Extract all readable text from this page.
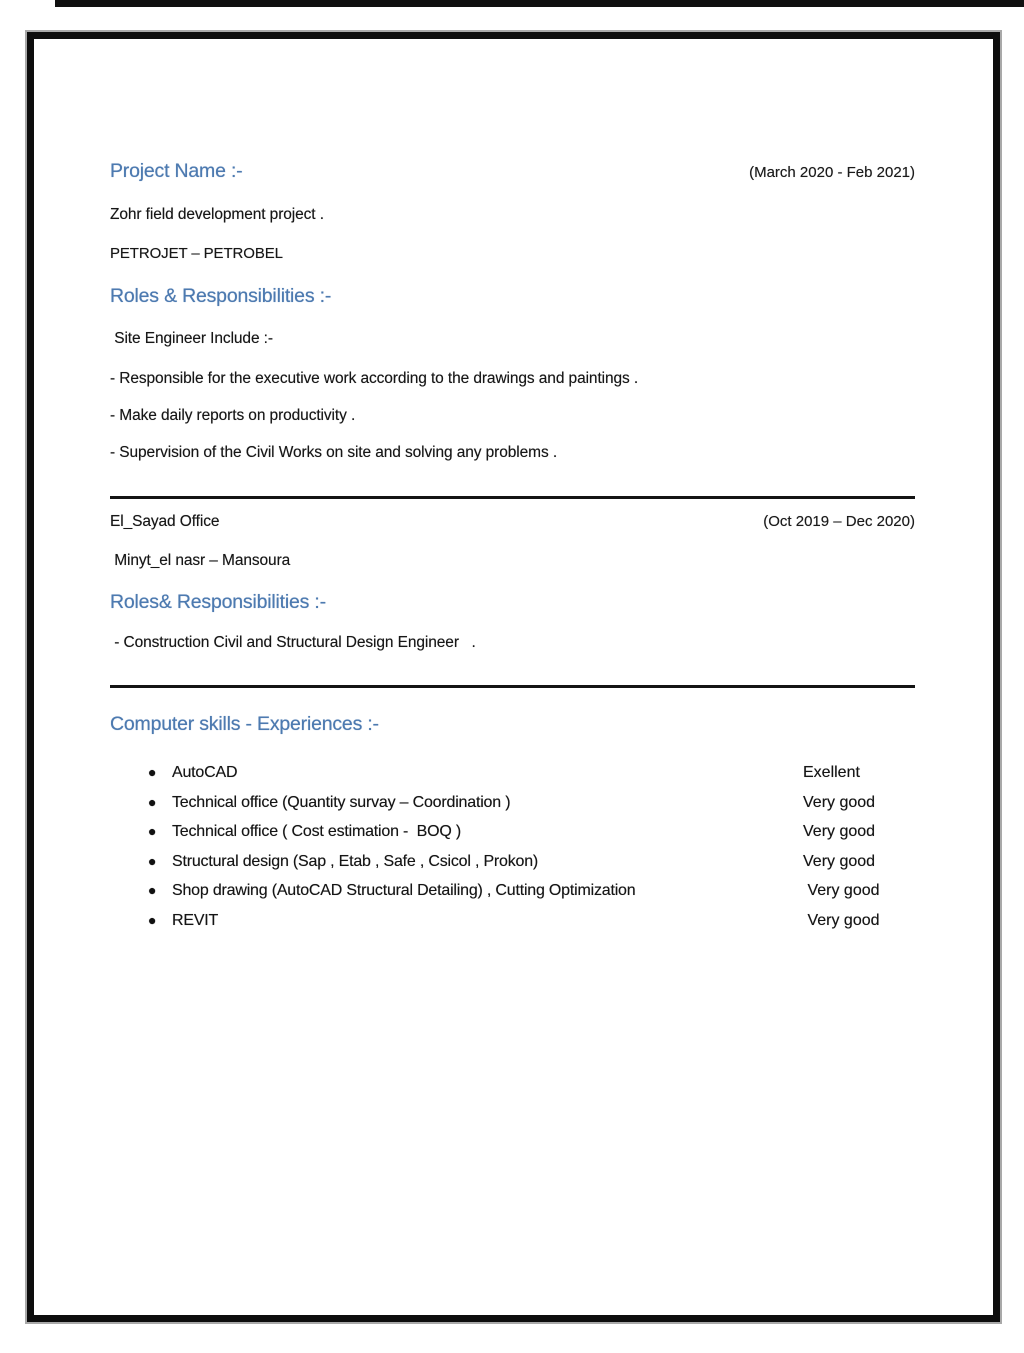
Project Name :-	(March 2020 - Feb 2021)
Zohr field development project .
PETROJET – PETROBEL
Roles & Responsibilities :-
Site Engineer Include :-
- Responsible for the executive work according to the drawings and paintings .
- Make daily reports on productivity .
- Supervision of the Civil Works on site and solving any problems .
El_Sayad Office	(Oct 2019 – Dec 2020)
Minyt_el nasr – Mansoura
Roles& Responsibilities :-
- Construction Civil and Structural Design Engineer   .
Computer skills - Experiences :-
● AutoCAD	Exellent
● Technical office (Quantity survay – Coordination )	Very good
● Technical office ( Cost estimation -  BOQ )	Very good
● Structural design (Sap , Etab , Safe , Csicol , Prokon)	Very good
● Shop drawing (AutoCAD Structural Detailing) , Cutting Optimization	Very good
● REVIT	Very good
